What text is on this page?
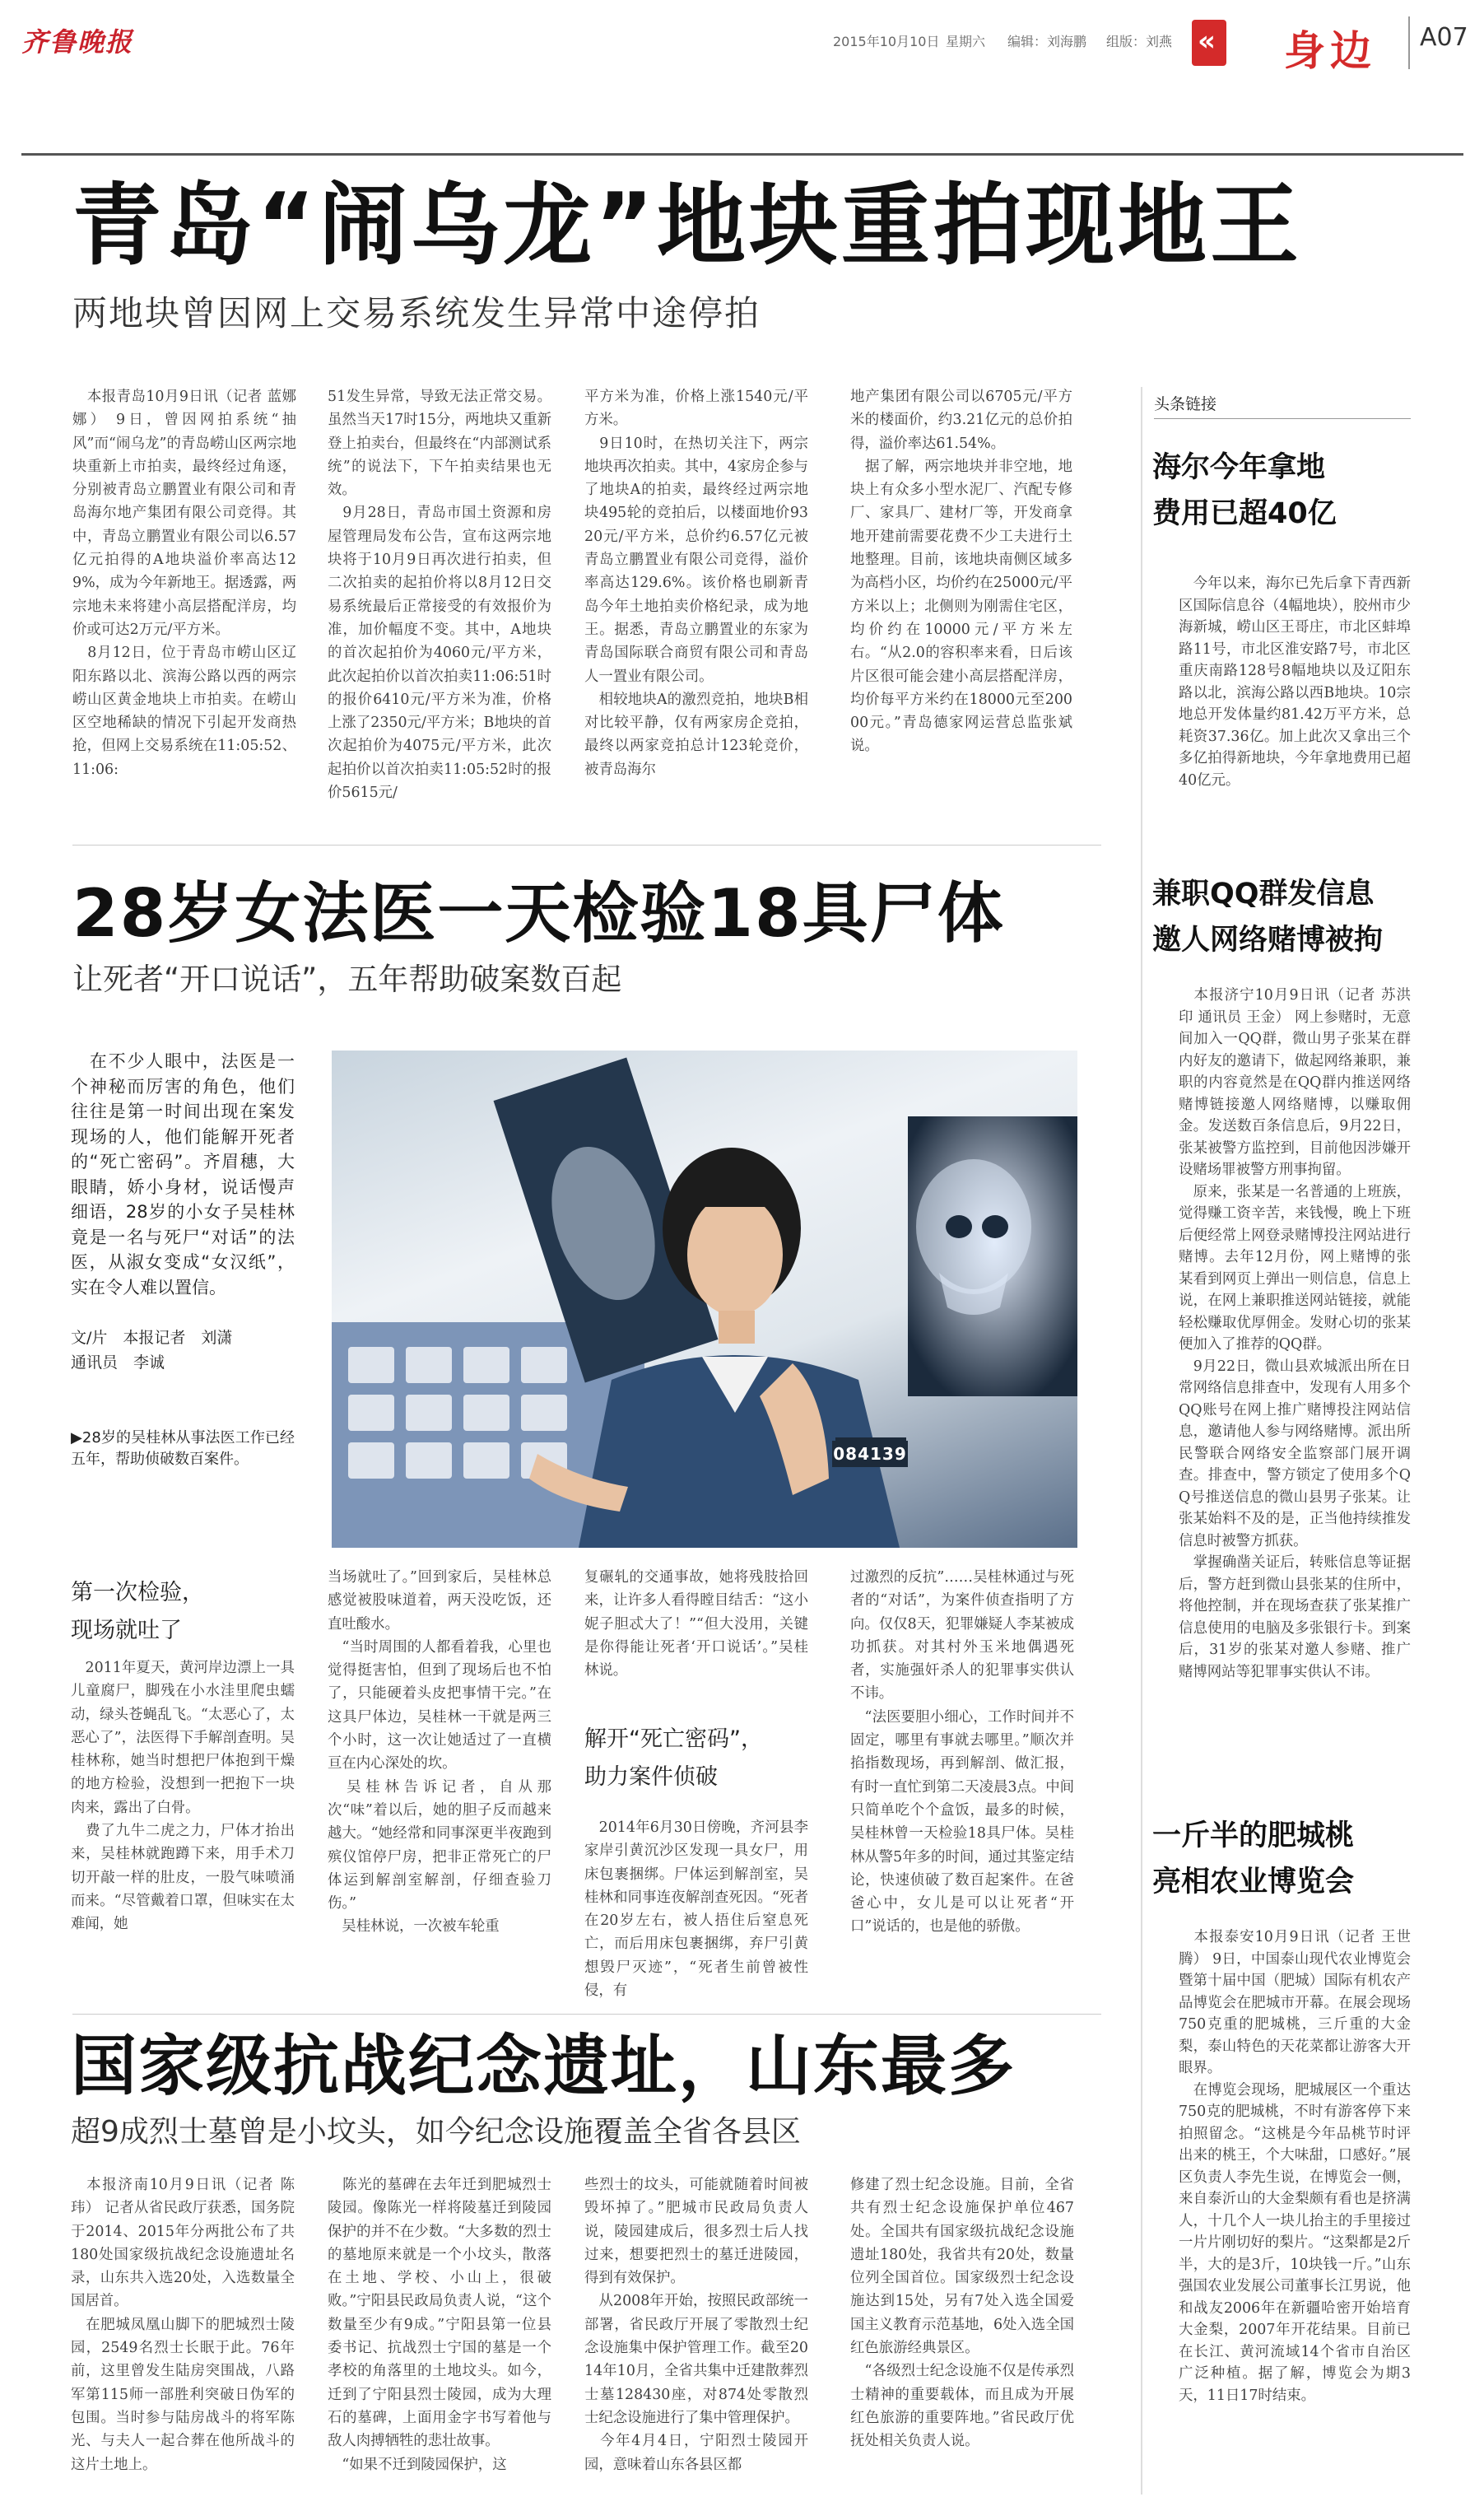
齐鲁晚报	2015年10月10日 星期六 编辑：刘海鹏 组版：刘燕 « 身边 A07
青岛“闹乌龙”地块重拍现地王
两地块曾因网上交易系统发生异常中途停拍
　本报青岛10月9日讯（记者 蓝娜娜） 9日，曾因网拍系统“抽风”而“闹乌龙”的青岛崂山区两宗地块重新上市拍卖，最终经过角逐，分别被青岛立鹏置业有限公司和青岛海尔地产集团有限公司竞得。其中，青岛立鹏置业有限公司以6.57亿元拍得的A地块溢价率高达129%，成为今年新地王。据透露，两宗地未来将建小高层搭配洋房，均价或可达2万元/平方米。
　8月12日，位于青岛市崂山区辽阳东路以北、滨海公路以西的两宗崂山区黄金地块上市拍卖。在崂山区空地稀缺的情况下引起开发商热抢，但网上交易系统在11:05:52、11:06:
51发生异常，导致无法正常交易。虽然当天17时15分，两地块又重新登上拍卖台，但最终在“内部测试系统”的说法下，下午拍卖结果也无效。
　9月28日，青岛市国土资源和房屋管理局发布公告，宣布这两宗地块将于10月9日再次进行拍卖，但二次拍卖的起拍价将以8月12日交易系统最后正常接受的有效报价为准，加价幅度不变。其中，A地块的首次起拍价为4060元/平方米，此次起拍价以首次拍卖11:06:51时的报价6410元/平方米为准，价格上涨了2350元/平方米；B地块的首次起拍价为4075元/平方米，此次起拍价以首次拍卖11:05:52时的报价5615元/
平方米为准，价格上涨1540元/平方米。
　9日10时，在热切关注下，两宗地块再次拍卖。其中，4家房企参与了地块A的拍卖，最终经过两宗地块495轮的竞拍后，以楼面地价9320元/平方米，总价约6.57亿元被青岛立鹏置业有限公司竞得，溢价率高达129.6%。该价格也刷新青岛今年土地拍卖价格纪录，成为地王。据悉，青岛立鹏置业的东家为青岛国际联合商贸有限公司和青岛人一置业有限公司。
　相较地块A的激烈竞拍，地块B相对比较平静，仅有两家房企竞拍，最终以两家竞拍总计123轮竞价，被青岛海尔
地产集团有限公司以6705元/平方米的楼面价，约3.21亿元的总价拍得，溢价率达61.54%。
　据了解，两宗地块并非空地，地块上有众多小型水泥厂、汽配专修厂、家具厂、建材厂等，开发商拿地开建前需要花费不少工夫进行土地整理。目前，该地块南侧区域多为高档小区，均价约在25000元/平方米以上；北侧则为刚需住宅区，均价约在10000元/平方米左右。“从2.0的容积率来看，日后该片区很可能会建小高层搭配洋房，均价每平方米约在18000元至20000元。”青岛德家网运营总监张斌说。
28岁女法医一天检验18具尸体
让死者“开口说话”，五年帮助破案数百起
　在不少人眼中，法医是一个神秘而厉害的角色，他们往往是第一时间出现在案发现场的人，他们能解开死者的“死亡密码”。齐眉穗，大眼睛，娇小身材，说话慢声细语，28岁的小女子吴桂林竟是一名与死尸“对话”的法医，从淑女变成“女汉纸”，实在令人难以置信。
文/片　本报记者　刘潇
通讯员　李诚
▶28岁的吴桂林从事法医工作已经五年，帮助侦破数百案件。	084139
第一次检验，
现场就吐了
　2011年夏天，黄河岸边漂上一具儿童腐尸，脚残在小水洼里爬虫蠕动，绿头苍蝇乱飞。“太恶心了，太恶心了”，法医得下手解剖查明。吴桂林称，她当时想把尸体抱到干燥的地方检验，没想到一把抱下一块肉来，露出了白骨。
　费了九牛二虎之力，尸体才抬出来，吴桂林就跑蹲下来，用手术刀切开敲一样的肚皮，一股气味喷涌而来。“尽管戴着口罩，但味实在太难闻，她
当场就吐了。”回到家后，吴桂林总感觉被股味道着，两天没吃饭，还直吐酸水。
　“当时周围的人都看着我，心里也觉得挺害怕，但到了现场后也不怕了，只能硬着头皮把事情干完。”在这具尸体边，吴桂林一干就是两三个小时，这一次让她适过了一直横亘在内心深处的坎。
　吴桂林告诉记者，自从那次“味”着以后，她的胆子反而越来越大。“她经常和同事深更半夜跑到殡仪馆停尸房，把非正常死亡的尸体运到解剖室解剖，仔细查验刀伤。”
　吴桂林说，一次被车轮重
复碾轧的交通事故，她将残肢拾回来，让许多人看得瞠目结舌：“这小妮子胆忒大了！”“但大没用，关键是你得能让死者‘开口说话’。”吴桂林说。
解开“死亡密码”，
助力案件侦破
　2014年6月30日傍晚，齐河县李家岸引黄沉沙区发现一具女尸，用床包裹捆绑。尸体运到解剖室，吴桂林和同事连夜解剖查死因。“死者在20岁左右，被人捂住后窒息死亡，而后用床包裹捆绑，弃尸引黄想毁尸灭迹”，“死者生前曾被性侵，有
过激烈的反抗”……吴桂林通过与死者的“对话”，为案件侦查指明了方向。仅仅8天，犯罪嫌疑人李某被成功抓获。对其村外玉米地偶遇死者，实施强奸杀人的犯罪事实供认不讳。
　“法医要胆小细心，工作时间并不固定，哪里有事就去哪里。”顺次并掐指数现场，再到解剖、做汇报，有时一直忙到第二天凌晨3点。中间只简单吃个个盒饭，最多的时候，吴桂林曾一天检验18具尸体。吴桂林从警5年多的时间，通过其鉴定结论，快速侦破了数百起案件。在爸爸心中，女儿是可以让死者“开口”说话的，也是他的骄傲。
国家级抗战纪念遗址，山东最多
超9成烈士墓曾是小坟头，如今纪念设施覆盖全省各县区
　本报济南10月9日讯（记者 陈玮） 记者从省民政厅获悉，国务院于2014、2015年分两批公布了共180处国家级抗战纪念设施遗址名录，山东共入选20处，入选数量全国居首。
　在肥城凤凰山脚下的肥城烈士陵园，2549名烈士长眠于此。76年前，这里曾发生陆房突围战，八路军第115师一部胜利突破日伪军的包围。当时参与陆房战斗的将军陈光、与夫人一起合葬在他所战斗的这片土地上。
　陈光的墓碑在去年迁到肥城烈士陵园。像陈光一样将陵墓迁到陵园保护的并不在少数。“大多数的烈士的墓地原来就是一个小坟头，散落在土地、学校、小山上，很破败。”宁阳县民政局负责人说，“这个数量至少有9成。”宁阳县第一位县委书记、抗战烈士宁国的墓是一个孝校的角落里的土地坟头。如今，迁到了宁阳县烈士陵园，成为大理石的墓碑，上面用金字书写着他与敌人肉搏牺牲的悲壮故事。
　“如果不迁到陵园保护，这
些烈士的坟头，可能就随着时间被毁坏掉了。”肥城市民政局负责人说，陵园建成后，很多烈士后人找过来，想要把烈士的墓迁进陵园，得到有效保护。
　从2008年开始，按照民政部统一部署，省民政厅开展了零散烈士纪念设施集中保护管理工作。截至2014年10月，全省共集中迁建散葬烈士墓128430座，对874处零散烈士纪念设施进行了集中管理保护。
　今年4月4日，宁阳烈士陵园开园，意味着山东各县区都
修建了烈士纪念设施。目前，全省共有烈士纪念设施保护单位467处。全国共有国家级抗战纪念设施遗址180处，我省共有20处，数量位列全国首位。国家级烈士纪念设施达到15处，另有7处入选全国爱国主义教育示范基地，6处入选全国红色旅游经典景区。
　“各级烈士纪念设施不仅是传承烈士精神的重要载体，而且成为开展红色旅游的重要阵地。”省民政厅优抚处相关负责人说。
头条链接
海尔今年拿地
费用已超40亿
　今年以来，海尔已先后拿下青西新区国际信息谷（4幅地块），胶州市少海新城，崂山区王哥庄，市北区蚌埠路11号，市北区淮安路7号，市北区重庆南路128号8幅地块以及辽阳东路以北，滨海公路以西B地块。10宗地总开发体量约81.42万平方米，总耗资37.36亿。加上此次又拿出三个多亿拍得新地块，今年拿地费用已超40亿元。
兼职QQ群发信息
邀人网络赌博被拘
　本报济宁10月9日讯（记者 苏洪印 通讯员 王金） 网上参赌时，无意间加入一QQ群，微山男子张某在群内好友的邀请下，做起网络兼职，兼职的内容竟然是在QQ群内推送网络赌博链接邀人网络赌博，以赚取佣金。发送数百条信息后，9月22日，张某被警方监控到，目前他因涉嫌开设赌场罪被警方刑事拘留。
　原来，张某是一名普通的上班族，觉得赚工资辛苦，来钱慢，晚上下班后便经常上网登录赌博投注网站进行赌博。去年12月份，网上赌博的张某看到网页上弹出一则信息，信息上说，在网上兼职推送网站链接，就能轻松赚取优厚佣金。发财心切的张某便加入了推荐的QQ群。
　9月22日，微山县欢城派出所在日常网络信息排查中，发现有人用多个QQ账号在网上推广赌博投注网站信息，邀请他人参与网络赌博。派出所民警联合网络安全监察部门展开调查。排查中，警方锁定了使用多个QQ号推送信息的微山县男子张某。让张某始料不及的是，正当他持续推发信息时被警方抓获。
　掌握确凿关证后，转账信息等证据后，警方赶到微山县张某的住所中，将他控制，并在现场查获了张某推广信息使用的电脑及多张银行卡。到案后，31岁的张某对邀人参赌、推广赌博网站等犯罪事实供认不讳。
一斤半的肥城桃
亮相农业博览会
　本报泰安10月9日讯（记者 王世腾） 9日，中国泰山现代农业博览会暨第十届中国（肥城）国际有机农产品博览会在肥城市开幕。在展会现场750克重的肥城桃，三斤重的大金梨，泰山特色的天花菜都让游客大开眼界。
　在博览会现场，肥城展区一个重达750克的肥城桃，不时有游客停下来拍照留念。“这桃是今年品桃节时评出来的桃王，个大味甜，口感好。”展区负责人李先生说，在博览会一侧，来自泰沂山的大金梨颇有看也是挤满人，十几个人一块儿抬主的手里接过一片片刚切好的梨片。“这梨都是2斤半，大的是3斤，10块钱一斤。”山东强国农业发展公司董事长江男说，他和战友2006年在新疆哈密开始培育大金梨，2007年开花结果。目前已在长江、黄河流域14个省市自治区广泛种植。据了解，博览会为期3天，11日17时结束。
